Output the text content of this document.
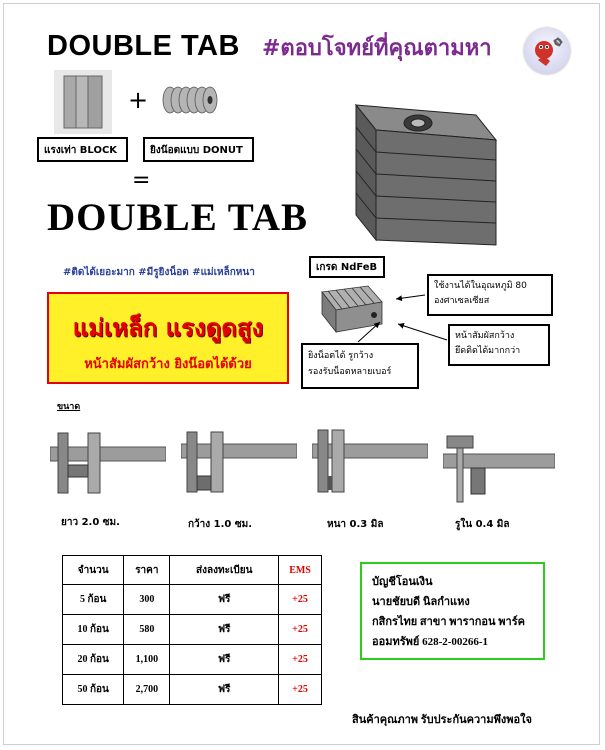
DOUBLE TAB #ตอบโจทย์ที่คุณตามหา
+
แรงเท่า BLOCK	ยิงน๊อตแบบ DONUT
=
DOUBLE TAB
#ติดได้เยอะมาก #มีรูยิงน็อต #แม่เหล็กหนา
แม่เหล็ก แรงดูดสูง
หน้าสัมผัสกว้าง ยิงน๊อตได้ด้วย
เกรด NdFeB
ใช้งานได้ในอุณหภูมิ 80
องศาเซลเซียส
หน้าสัมผัสกว้าง
ยึดติดได้มากกว่า
ยิงน็อตได้ รูกว้าง
รองรับน็อตหลายเบอร์
ขนาด
ยาว 2.0 ซม.	กว้าง 1.0 ซม.	หนา 0.3 มิล	รูใน 0.4 มิล
จำนวน	ราคา	ส่งลงทะเบียน	EMS
5 ก้อน	300	ฟรี	+25
10 ก้อน	580	ฟรี	+25
20 ก้อน	1,100	ฟรี	+25
50 ก้อน	2,700	ฟรี	+25
บัญชีโอนเงิน
นายชัยบดี นิลกำแหง
กสิกรไทย สาขา พารากอน พาร์ค
ออมทรัพย์ 628-2-00266-1
สินค้าคุณภาพ รับประกันความพึงพอใจ
